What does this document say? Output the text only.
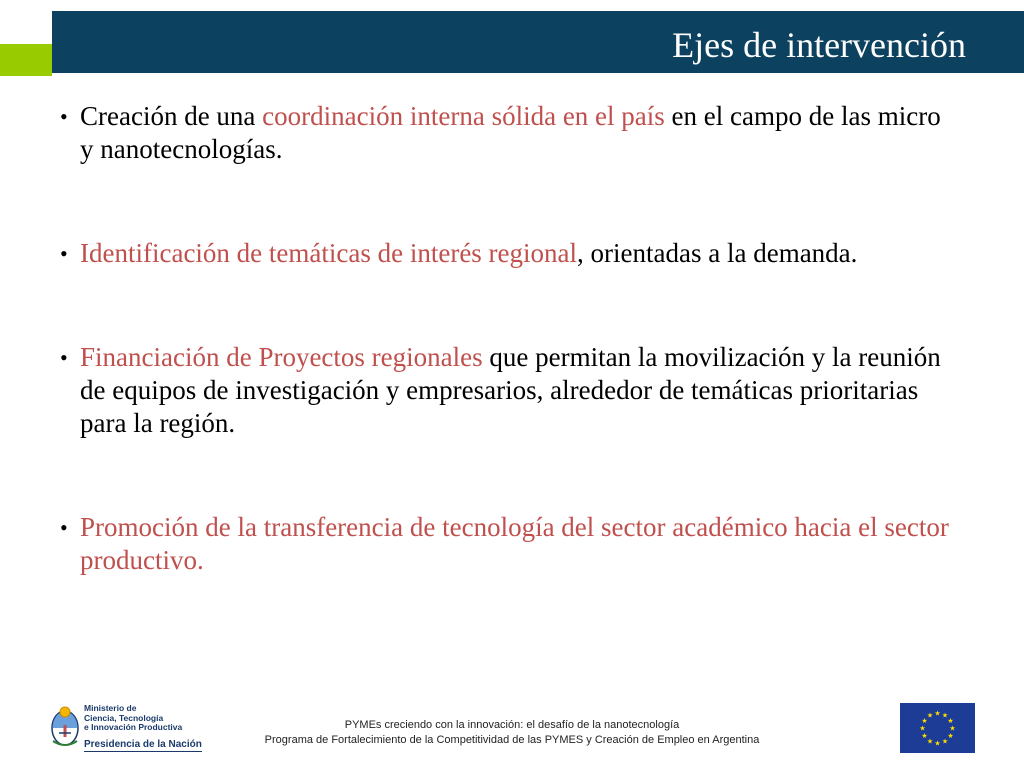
Ejes de intervención
• Creación de una coordinación interna sólida en el país en el campo de las micro y nanotecnologías.
• Identificación de temáticas de interés regional, orientadas a la demanda.
• Financiación de Proyectos regionales que permitan la movilización y la reunión de equipos de investigación y empresarios, alrededor de temáticas prioritarias para la región.
• Promoción de la transferencia de tecnología del sector académico hacia el sector productivo.
Ministerio de
Ciencia, Tecnología
e Innovación Productiva
Presidencia de la Nación
PYMEs creciendo con la innovación: el desafío de la nanotecnología
Programa de Fortalecimiento de la Competitividad de las PYMES y Creación de Empleo en Argentina
★ ★
★
★
★
★
★
★
★
★
★
★
